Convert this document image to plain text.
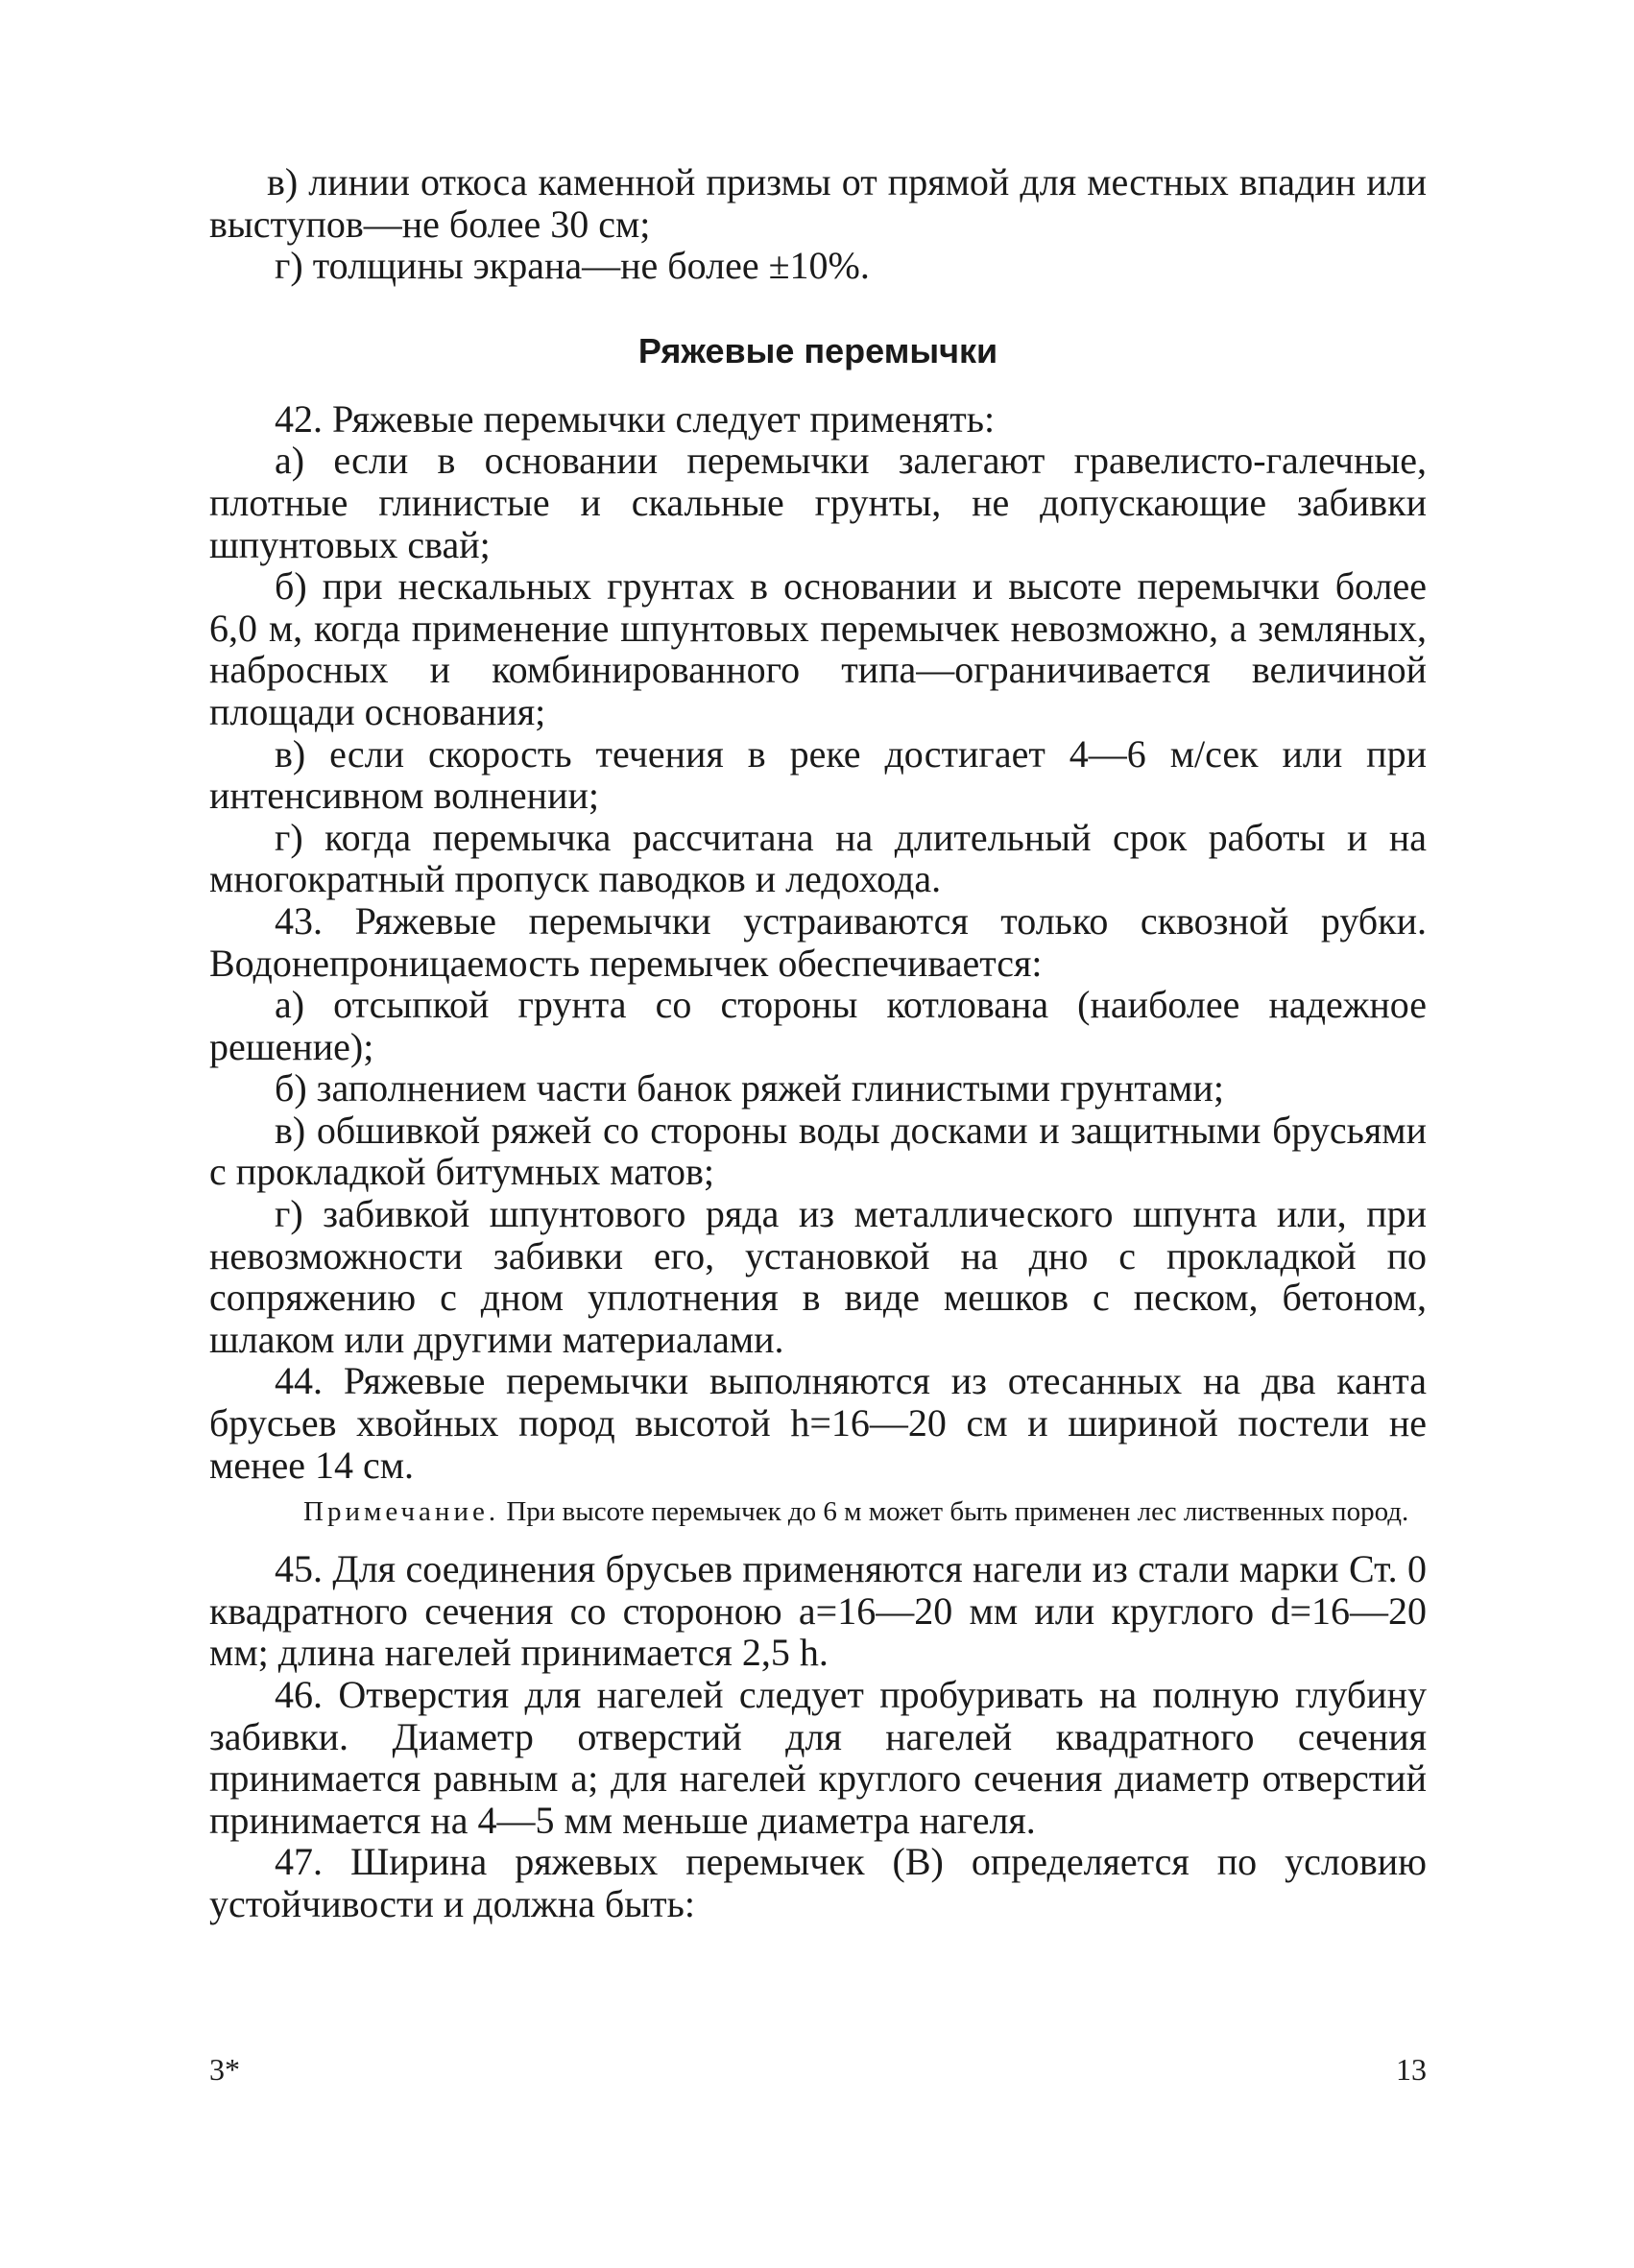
в) линии откоса каменной призмы от прямой для местных впадин или выступов—не более 30 см;

г) толщины экрана—не более ±10%.

Ряжевые перемычки

42. Ряжевые перемычки следует применять:

а) если в основании перемычки залегают гравелисто-галечные, плотные глинистые и скальные грунты, не допускающие забивки шпунтовых свай;

б) при нескальных грунтах в основании и высоте перемычки более 6,0 м, когда применение шпунтовых перемычек невозможно, а земляных, набросных и комбинированного типа—ограничивается величиной площади основания;

в) если скорость течения в реке достигает 4—6 м/сек или при интенсивном волнении;

г) когда перемычка рассчитана на длительный срок работы и на многократный пропуск паводков и ледохода.

43. Ряжевые перемычки устраиваются только сквозной рубки. Водонепроницаемость перемычек обеспечивается:

а) отсыпкой грунта со стороны котлована (наиболее надежное решение);

б) заполнением части банок ряжей глинистыми грунтами;

в) обшивкой ряжей со стороны воды досками и защитными брусьями с прокладкой битумных матов;

г) забивкой шпунтового ряда из металлического шпунта или, при невозможности забивки его, установкой на дно с прокладкой по сопряжению с дном уплотнения в виде мешков с песком, бетоном, шлаком или другими материалами.

44. Ряжевые перемычки выполняются из отесанных на два канта брусьев хвойных пород высотой h=16—20 см и шириной постели не менее 14 см.

Примечание. При высоте перемычек до 6 м может быть применен лес лиственных пород.

45. Для соединения брусьев применяются нагели из стали марки Ст. 0 квадратного сечения со стороною a=16—20 мм или круглого d=16—20 мм; длина нагелей принимается 2,5 h.

46. Отверстия для нагелей следует пробуривать на полную глубину забивки. Диаметр отверстий для нагелей квадратного сечения принимается равным a; для нагелей круглого сечения диаметр отверстий принимается на 4—5 мм меньше диаметра нагеля.

47. Ширина ряжевых перемычек (B) определяется по условию устойчивости и должна быть:

3*	13
